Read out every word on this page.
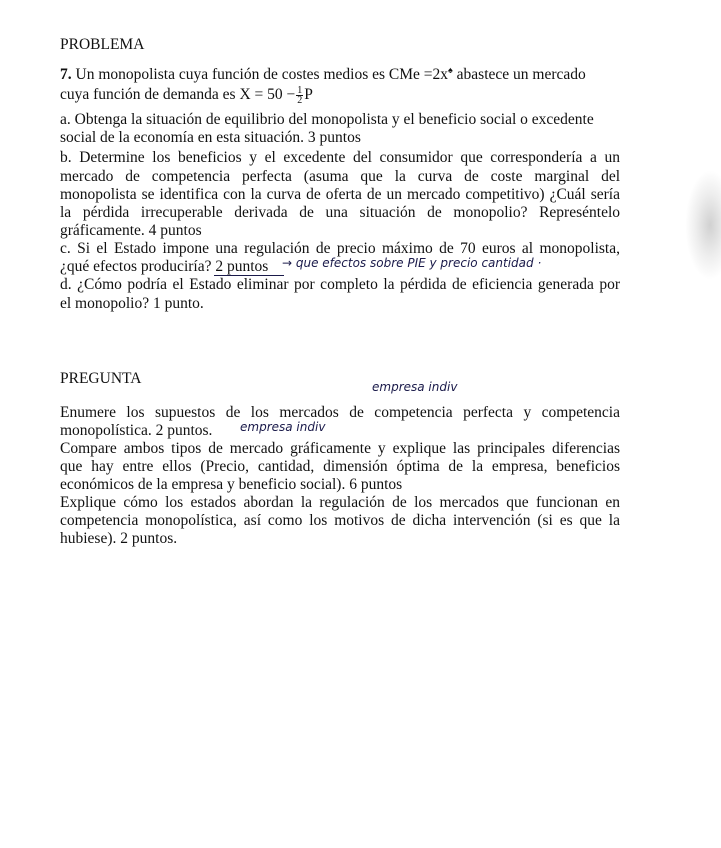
PROBLEMA
7. Un monopolista cuya función de costes medios es CMe =2x♠ abastece un mercado
cuya función de demanda es $X = 50 - \frac{1}{2}$ P
a. Obtenga la situación de equilibrio del monopolista y el beneficio social o excedente
social de la economía en esta situación. 3 puntos
b. Determine los beneficios y el excedente del consumidor que correspondería a un
mercado de competencia perfecta (asuma que la curva de coste marginal del
monopolista se identifica con la curva de oferta de un mercado competitivo) ¿Cuál sería
la pérdida irrecuperable derivada de una situación de monopolio? Represéntelo
gráficamente. 4 puntos
c. Si el Estado impone una regulación de precio máximo de 70 euros al monopolista,
¿qué efectos produciría? 2 puntos	→ que efectos sobre PIE y precio cantidad ·
d. ¿Cómo podría el Estado eliminar por completo la pérdida de eficiencia generada por
el monopolio? 1 punto.
PREGUNTA	empresa indiv
Enumere los supuestos de los mercados de competencia perfecta y competencia
monopolística. 2 puntos.	empresa indiv
Compare ambos tipos de mercado gráficamente y explique las principales diferencias
que hay entre ellos (Precio, cantidad, dimensión óptima de la empresa, beneficios
económicos de la empresa y beneficio social). 6 puntos
Explique cómo los estados abordan la regulación de los mercados que funcionan en
competencia monopolística, así como los motivos de dicha intervención (si es que la
hubiese). 2 puntos.
